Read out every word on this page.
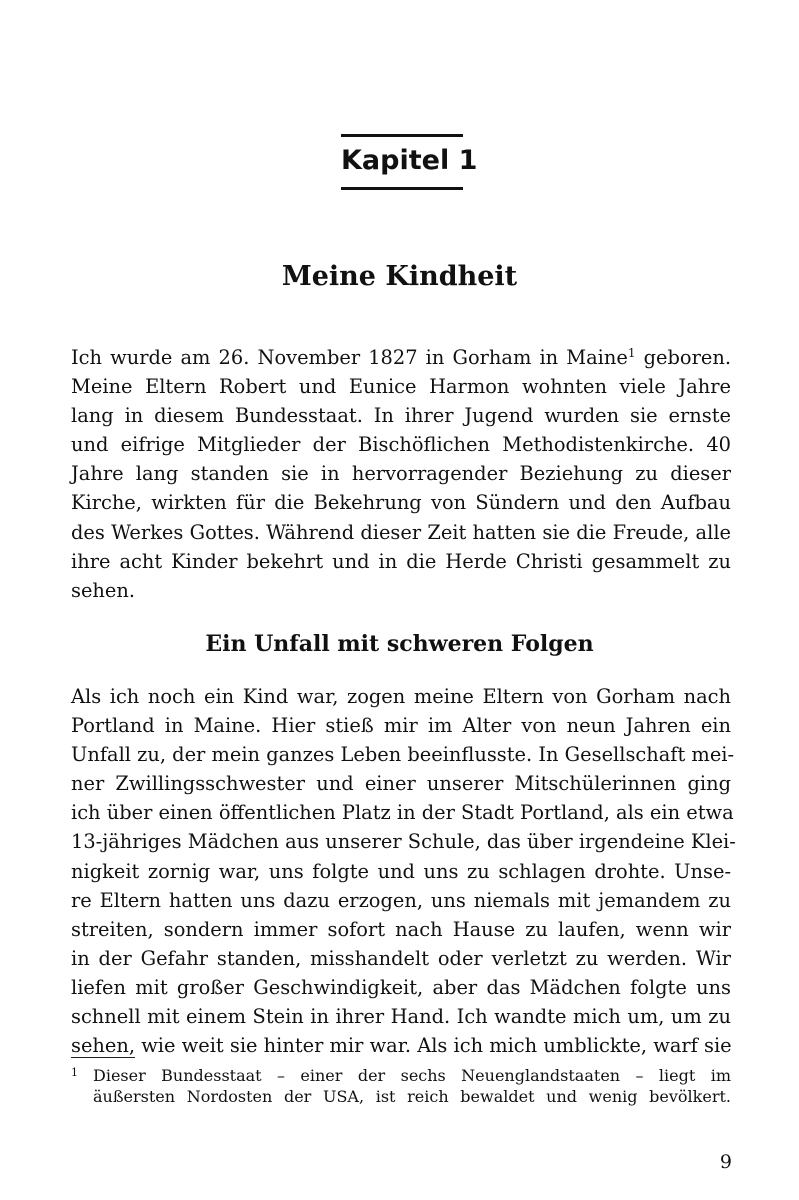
Kapitel 1
Meine Kindheit
Ich wurde am 26. November 1827 in Gorham in Maine$^1$ geboren.
Meine Eltern Robert und Eunice Harmon wohnten viele Jahre
lang in diesem Bundesstaat. In ihrer Jugend wurden sie ernste
und eifrige Mitglieder der Bischöflichen Methodistenkirche. 40
Jahre lang standen sie in hervorragender Beziehung zu dieser
Kirche, wirkten für die Bekehrung von Sündern und den Aufbau
des Werkes Gottes. Während dieser Zeit hatten sie die Freude, alle
ihre acht Kinder bekehrt und in die Herde Christi gesammelt zu
sehen.
Ein Unfall mit schweren Folgen
Als ich noch ein Kind war, zogen meine Eltern von Gorham nach
Portland in Maine. Hier stieß mir im Alter von neun Jahren ein
Unfall zu, der mein ganzes Leben beeinflusste. In Gesellschaft mei-
ner Zwillingsschwester und einer unserer Mitschülerinnen ging
ich über einen öffentlichen Platz in der Stadt Portland, als ein etwa
13-jähriges Mädchen aus unserer Schule, das über irgendeine Klei-
nigkeit zornig war, uns folgte und uns zu schlagen drohte. Unse-
re Eltern hatten uns dazu erzogen, uns niemals mit jemandem zu
streiten, sondern immer sofort nach Hause zu laufen, wenn wir
in der Gefahr standen, misshandelt oder verletzt zu werden. Wir
liefen mit großer Geschwindigkeit, aber das Mädchen folgte uns
schnell mit einem Stein in ihrer Hand. Ich wandte mich um, um zu
sehen, wie weit sie hinter mir war. Als ich mich umblickte, warf sie
1 Dieser Bundesstaat – einer der sechs Neuenglandstaaten – liegt im
äußersten Nordosten der USA, ist reich bewaldet und wenig bevölkert.
9
